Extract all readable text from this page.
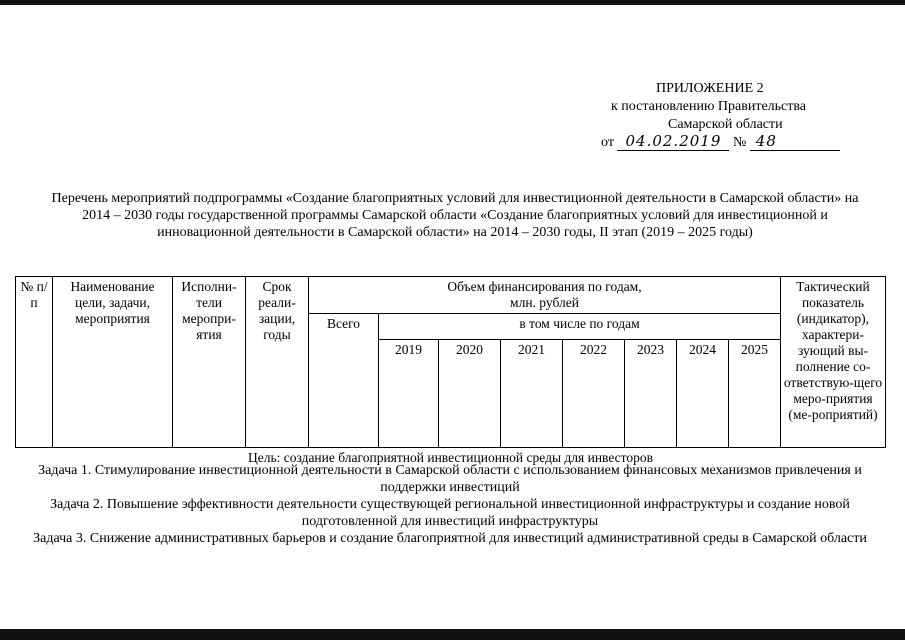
ПРИЛОЖЕНИЕ 2
к постановлению Правительства
Самарской области
от 04.02.2019 № 48
Перечень мероприятий подпрограммы «Создание благоприятных условий для инвестиционной деятельности в Самарской области» на 2014 – 2030 годы государственной программы Самарской области «Создание благоприятных условий для инвестиционной и инновационной деятельности в Самарской области» на 2014 – 2030 годы, II этап (2019 – 2025 годы)
№ п/п	Наименование цели, задачи, мероприятия	Исполни-тели меропри-ятия	Срок реали-зации, годы	Объем финансирования по годам, млн. рублей								Тактический показатель (индикатор), характери-зующий вы-полнение со-ответствую-щего меро-приятия (ме-роприятий)
				Всего	в том числе по годам							
					2019	2020	2021	2022	2023	2024	2025	
Цель: создание благоприятной инвестиционной среды для инвесторов												
Задача 1. Стимулирование инвестиционной деятельности в Самарской области с использованием финансовых механизмов привлечения и поддержки инвестиций
Задача 2. Повышение эффективности деятельности существующей региональной инвестиционной инфраструктуры и создание новой подготовленной для инвестиций инфраструктуры
Задача 3. Снижение административных барьеров и создание благоприятной для инвестиций административной среды в Самарской области
